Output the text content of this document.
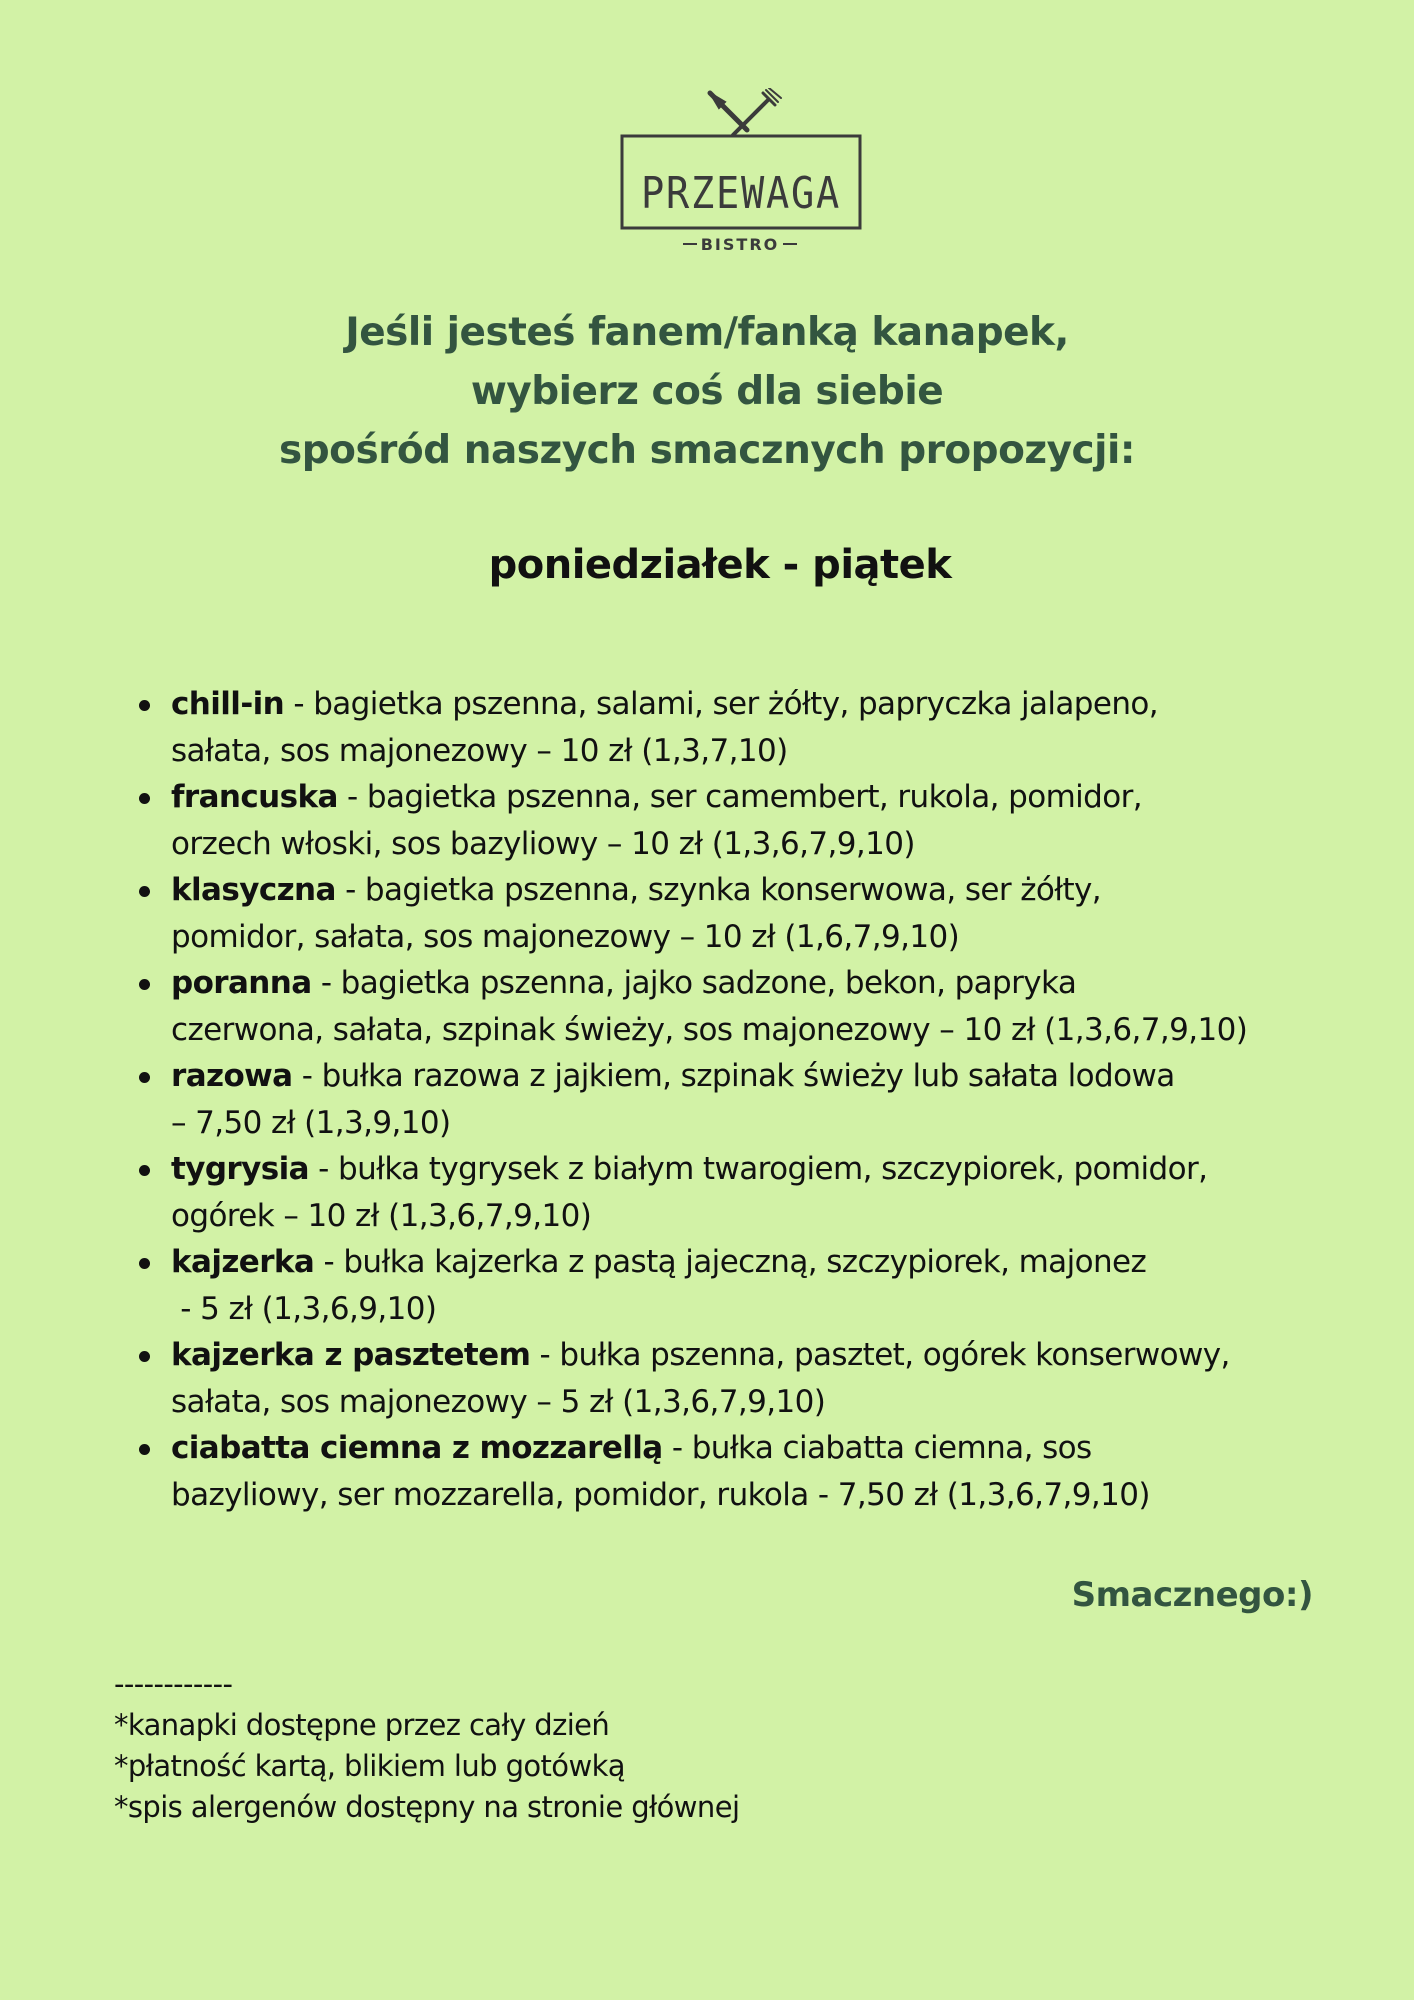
PRZEWAGA
BISTRO
Jeśli jesteś fanem/fanką kanapek,
wybierz coś dla siebie
spośród naszych smacznych propozycji:
poniedziałek - piątek
chill-in - bagietka pszenna, salami, ser żółty, papryczka jalapeno,
sałata, sos majonezowy – 10 zł (1,3,7,10)
francuska - bagietka pszenna, ser camembert, rukola, pomidor,
orzech włoski, sos bazyliowy – 10 zł (1,3,6,7,9,10)
klasyczna - bagietka pszenna, szynka konserwowa, ser żółty,
pomidor, sałata, sos majonezowy – 10 zł (1,6,7,9,10)
poranna - bagietka pszenna, jajko sadzone, bekon, papryka
czerwona, sałata, szpinak świeży, sos majonezowy – 10 zł (1,3,6,7,9,10)
razowa - bułka razowa z jajkiem, szpinak świeży lub sałata lodowa
– 7,50 zł (1,3,9,10)
tygrysia - bułka tygrysek z białym twarogiem, szczypiorek, pomidor,
ogórek – 10 zł (1,3,6,7,9,10)
kajzerka - bułka kajzerka z pastą jajeczną, szczypiorek, majonez
- 5 zł (1,3,6,9,10)
kajzerka z pasztetem - bułka pszenna, pasztet, ogórek konserwowy,
sałata, sos majonezowy – 5 zł (1,3,6,7,9,10)
ciabatta ciemna z mozzarellą - bułka ciabatta ciemna, sos
bazyliowy, ser mozzarella, pomidor, rukola - 7,50 zł (1,3,6,7,9,10)
Smacznego:)
------------
*kanapki dostępne przez cały dzień
*płatność kartą, blikiem lub gotówką
*spis alergenów dostępny na stronie głównej
